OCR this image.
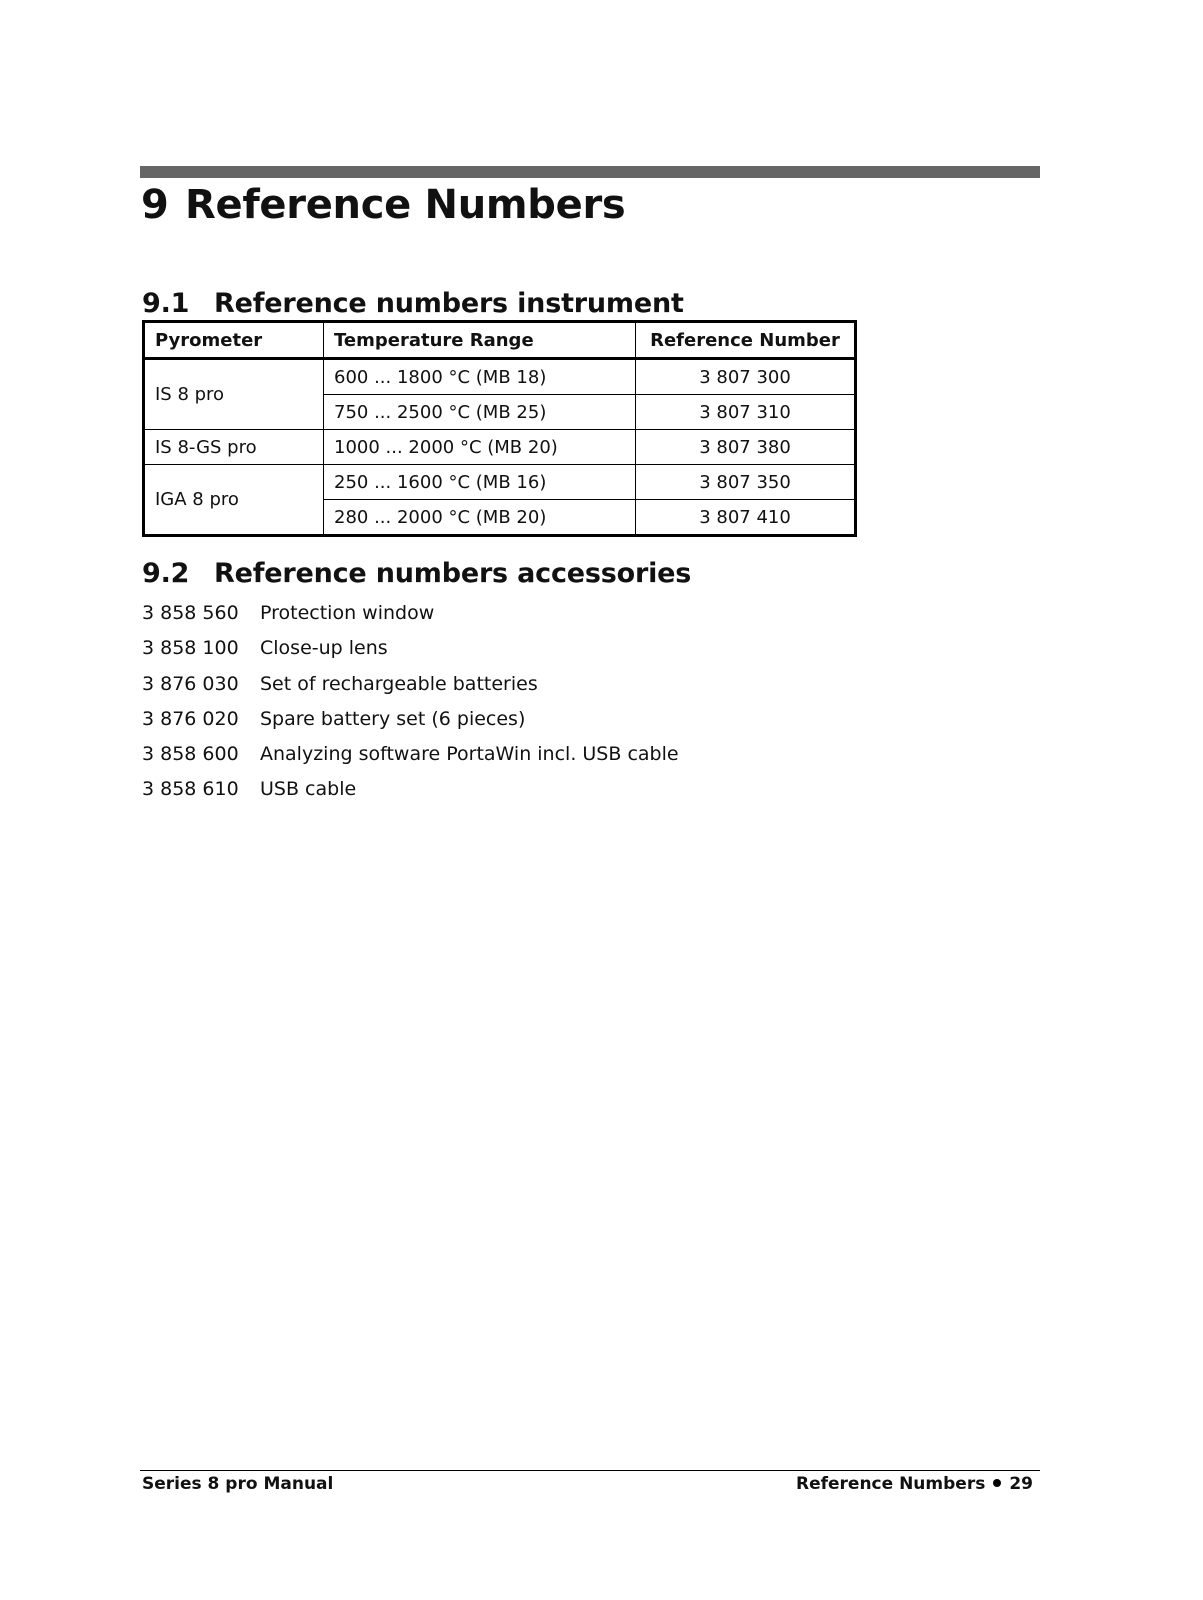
9 Reference Numbers
9.1 Reference numbers instrument
Pyrometer	Temperature Range	Reference Number
IS 8 pro	600 ... 1800 °C (MB 18)	3 807 300
	750 ... 2500 °C (MB 25)	3 807 310
IS 8-GS pro	1000 ... 2000 °C (MB 20)	3 807 380
IGA 8 pro	250 ... 1600 °C (MB 16)	3 807 350
	280 ... 2000 °C (MB 20)	3 807 410
9.2 Reference numbers accessories
3 858 560 Protection window
3 858 100 Close-up lens
3 876 030 Set of rechargeable batteries
3 876 020 Spare battery set (6 pieces)
3 858 600 Analyzing software PortaWin incl. USB cable
3 858 610 USB cable
Series 8 pro Manual	Reference Numbers 29
